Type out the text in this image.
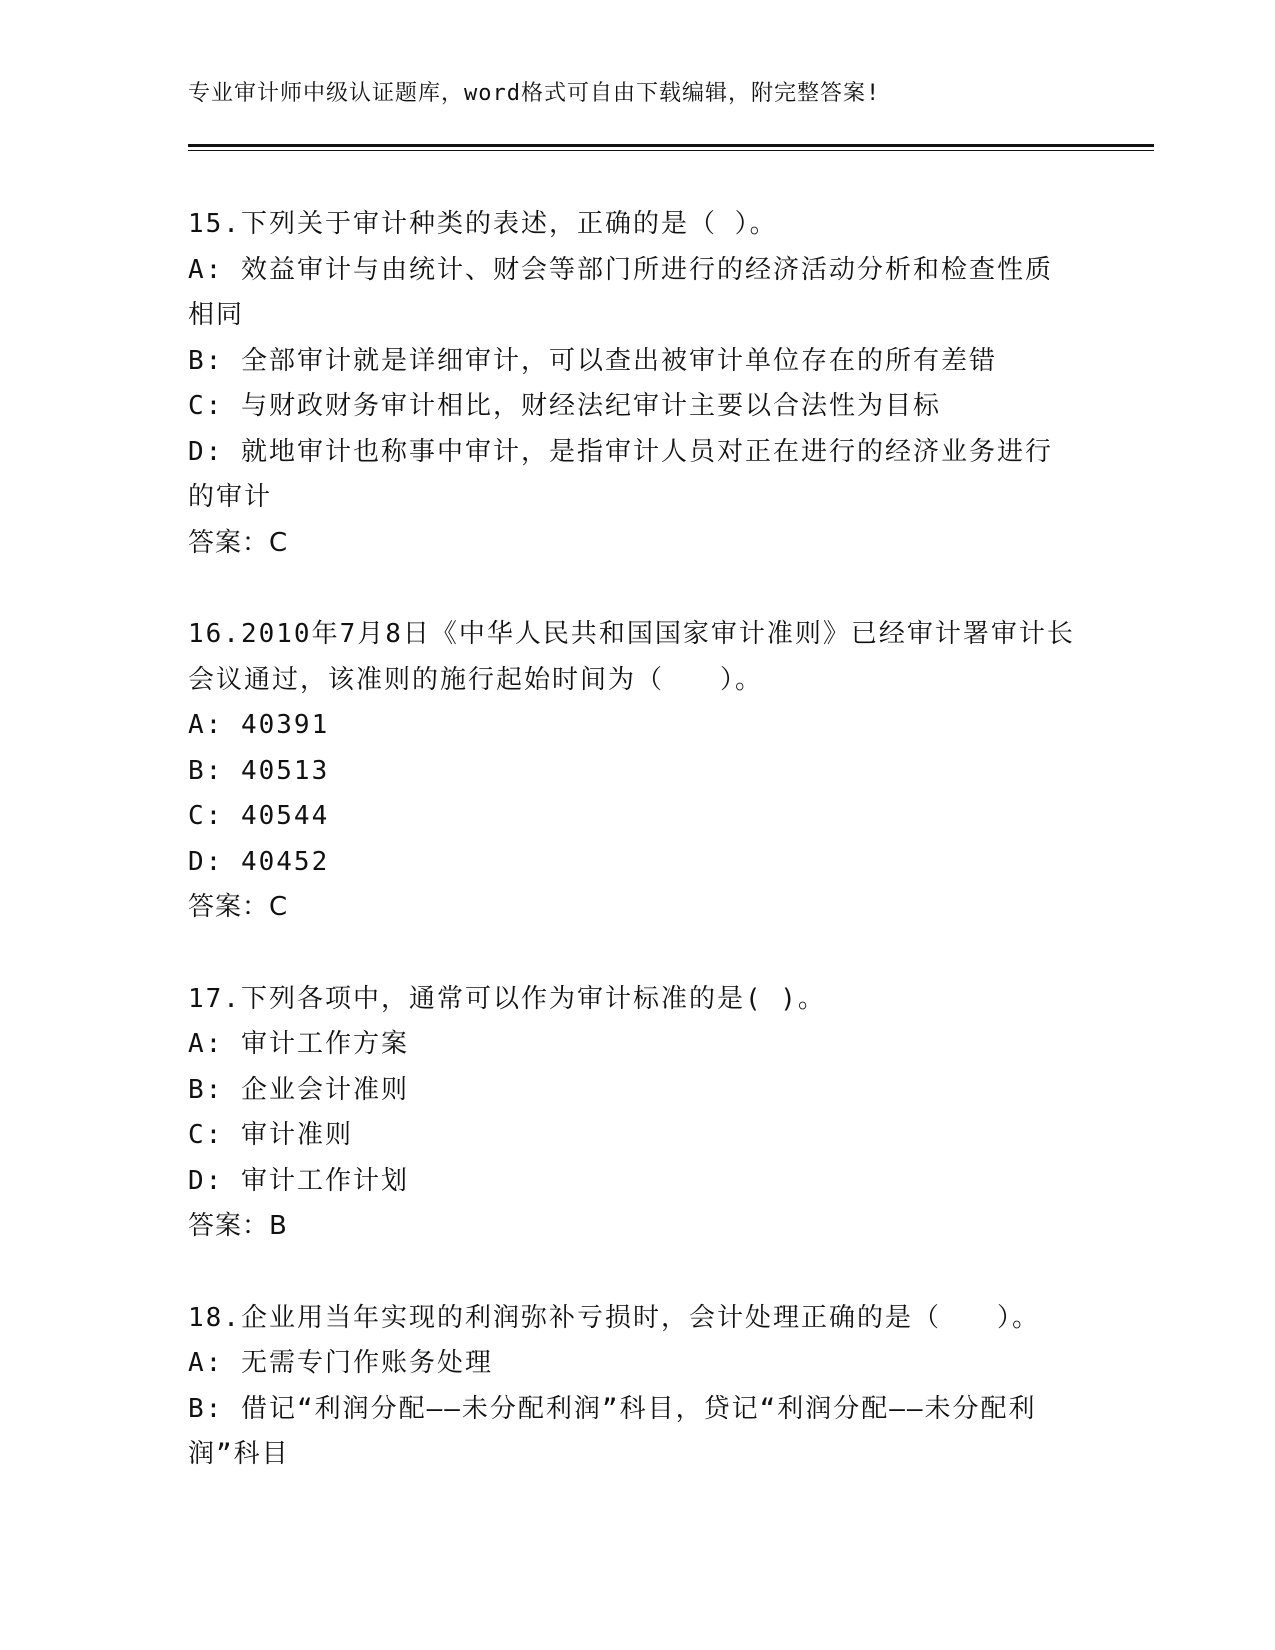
专业审计师中级认证题库，word格式可自由下载编辑，附完整答案!

15.下列关于审计种类的表述，正确的是（ ）。

A: 效益审计与由统计、财会等部门所进行的经济活动分析和检查性质相同

B: 全部审计就是详细审计，可以查出被审计单位存在的所有差错

C: 与财政财务审计相比，财经法纪审计主要以合法性为目标

D: 就地审计也称事中审计，是指审计人员对正在进行的经济业务进行的审计

答案：C

16.2010年7月8日《中华人民共和国国家审计准则》已经审计署审计长会议通过，该准则的施行起始时间为（　　）。

A: 40391

B: 40513

C: 40544

D: 40452

答案：C

17.下列各项中，通常可以作为审计标准的是( )。

A: 审计工作方案

B: 企业会计准则

C: 审计准则

D: 审计工作计划

答案：B

18.企业用当年实现的利润弥补亏损时，会计处理正确的是（　　）。

A: 无需专门作账务处理

B: 借记“利润分配——未分配利润”科目，贷记“利润分配——未分配利润”科目
